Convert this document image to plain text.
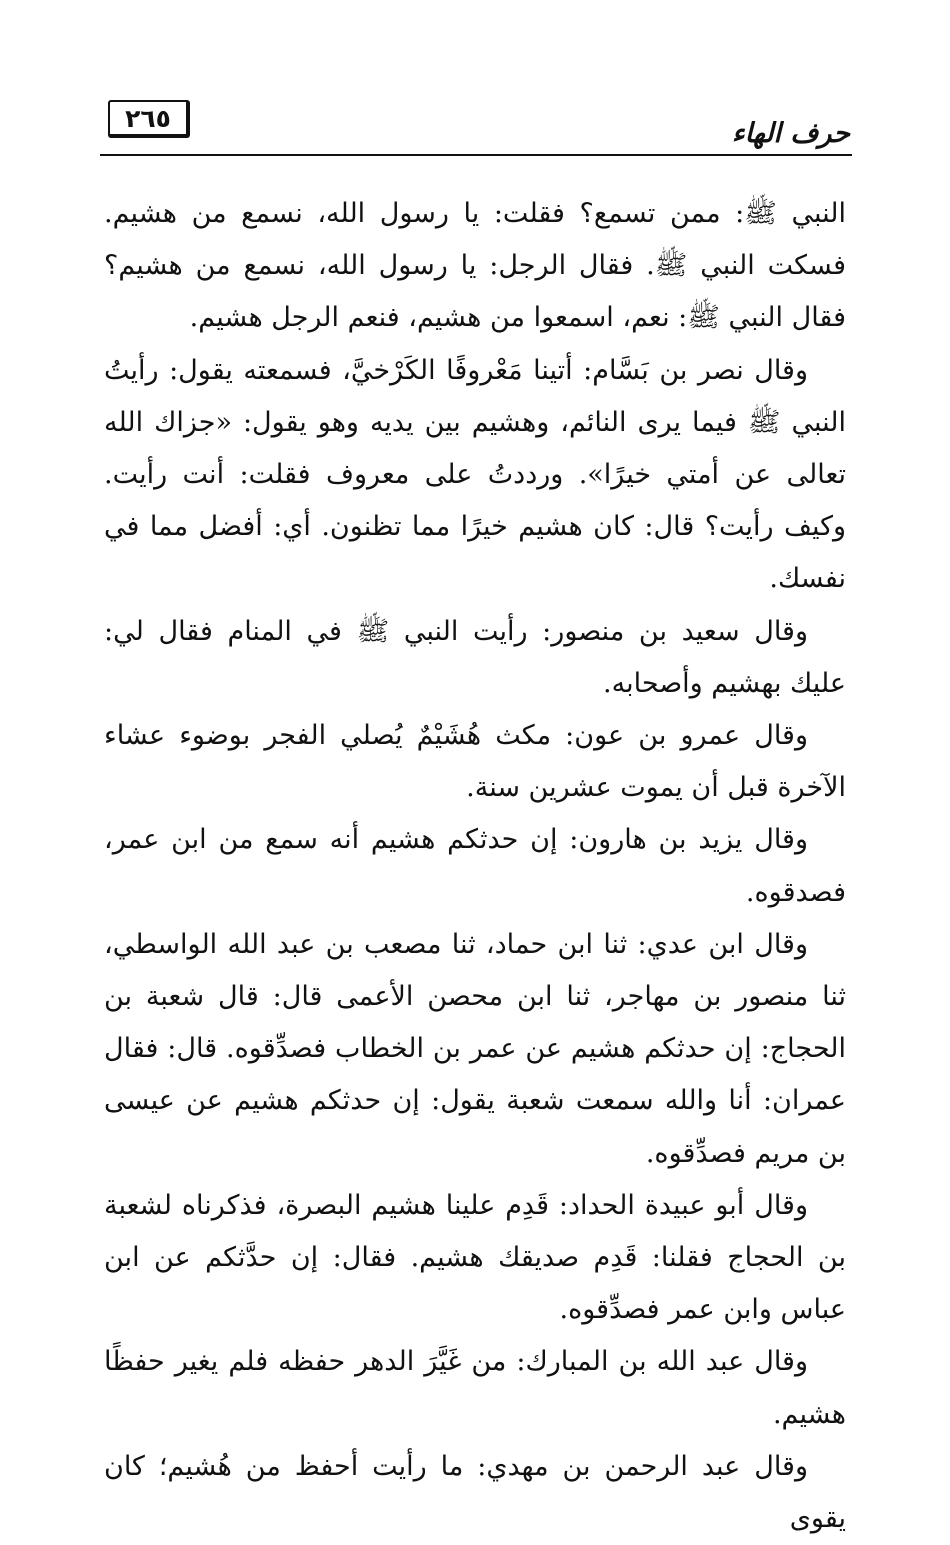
حرف الهاء
٢٦٥

النبي ﷺ: ممن تسمع؟ فقلت: يا رسول الله، نسمع من هشيم. فسكت النبي ﷺ. فقال الرجل: يا رسول الله، نسمع من هشيم؟ فقال النبي ﷺ: نعم، اسمعوا من هشيم، فنعم الرجل هشيم.

وقال نصر بن بَسَّام: أتينا مَعْروفًا الكَرْخيَّ، فسمعته يقول: رأيتُ النبي ﷺ فيما يرى النائم، وهشيم بين يديه وهو يقول: «جزاك الله تعالى عن أمتي خيرًا». ورددتُ على معروف فقلت: أنت رأيت. وكيف رأيت؟ قال: كان هشيم خيرًا مما تظنون. أي: أفضل مما في نفسك.

وقال سعيد بن منصور: رأيت النبي ﷺ في المنام فقال لي: عليك بهشيم وأصحابه.

وقال عمرو بن عون: مكث هُشَيْمٌ يُصلي الفجر بوضوء عشاء الآخرة قبل أن يموت عشرين سنة.

وقال يزيد بن هارون: إن حدثكم هشيم أنه سمع من ابن عمر، فصدقوه.

وقال ابن عدي: ثنا ابن حماد، ثنا مصعب بن عبد الله الواسطي، ثنا منصور بن مهاجر، ثنا ابن محصن الأعمى قال: قال شعبة بن الحجاج: إن حدثكم هشيم عن عمر بن الخطاب فصدِّقوه. قال: فقال عمران: أنا والله سمعت شعبة يقول: إن حدثكم هشيم عن عيسى بن مريم فصدِّقوه.

وقال أبو عبيدة الحداد: قَدِم علينا هشيم البصرة، فذكرناه لشعبة بن الحجاج فقلنا: قَدِم صديقك هشيم. فقال: إن حدَّثكم عن ابن عباس وابن عمر فصدِّقوه.

وقال عبد الله بن المبارك: من غَيَّرَ الدهر حفظه فلم يغير حفظًا هشيم.

وقال عبد الرحمن بن مهدي: ما رأيت أحفظ من هُشيم؛ كان يقوى
